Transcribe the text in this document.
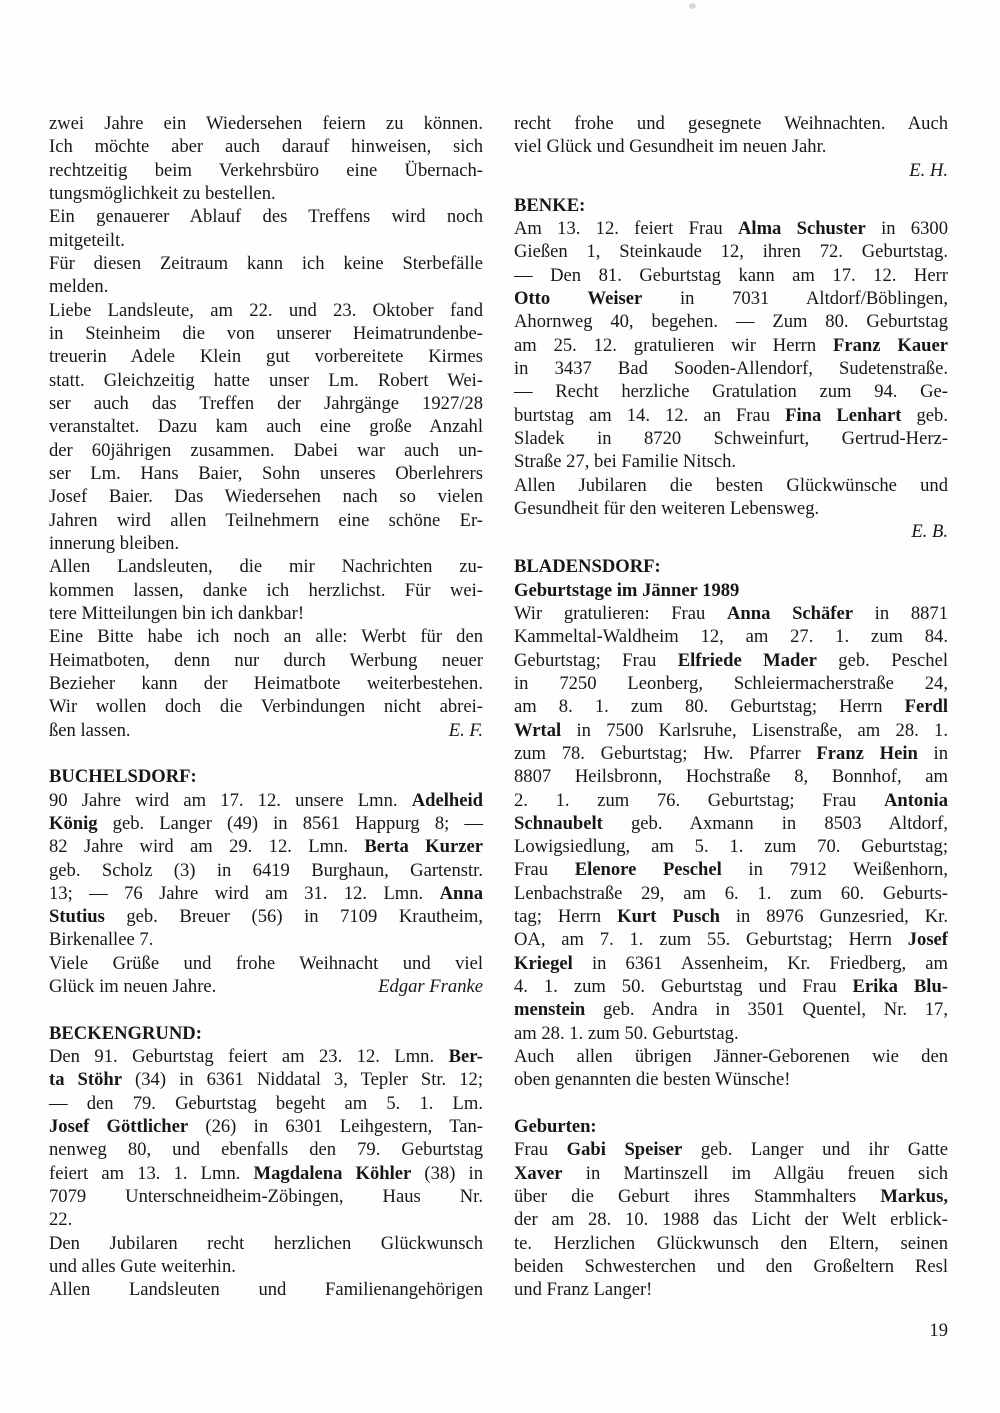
zwei Jahre ein Wiedersehen feiern zu können.
Ich möchte aber auch darauf hinweisen, sich
rechtzeitig beim Verkehrsbüro eine Übernach-
tungsmöglichkeit zu bestellen.
Ein genauerer Ablauf des Treffens wird noch
mitgeteilt.
Für diesen Zeitraum kann ich keine Sterbefälle
melden.
Liebe Landsleute, am 22. und 23. Oktober fand
in Steinheim die von unserer Heimatrundenbe-
treuerin Adele Klein gut vorbereitete Kirmes
statt. Gleichzeitig hatte unser Lm. Robert Wei-
ser auch das Treffen der Jahrgänge 1927/28
veranstaltet. Dazu kam auch eine große Anzahl
der 60jährigen zusammen. Dabei war auch un-
ser Lm. Hans Baier, Sohn unseres Oberlehrers
Josef Baier. Das Wiedersehen nach so vielen
Jahren wird allen Teilnehmern eine schöne Er-
innerung bleiben.
Allen Landsleuten, die mir Nachrichten zu-
kommen lassen, danke ich herzlichst. Für wei-
tere Mitteilungen bin ich dankbar!
Eine Bitte habe ich noch an alle: Werbt für den
Heimatboten, denn nur durch Werbung neuer
Bezieher kann der Heimatbote weiterbestehen.
Wir wollen doch die Verbindungen nicht abrei-
ßen lassen.	E. F.
BUCHELSDORF:
90 Jahre wird am 17. 12. unsere Lmn. Adelheid
König geb. Langer (49) in 8561 Happurg 8; —
82 Jahre wird am 29. 12. Lmn. Berta Kurzer
geb. Scholz (3) in 6419 Burghaun, Gartenstr.
13; — 76 Jahre wird am 31. 12. Lmn. Anna
Stutius geb. Breuer (56) in 7109 Krautheim,
Birkenallee 7.
Viele Grüße und frohe Weihnacht und viel
Glück im neuen Jahre.	Edgar Franke
BECKENGRUND:
Den 91. Geburtstag feiert am 23. 12. Lmn. Ber-
ta Stöhr (34) in 6361 Niddatal 3, Tepler Str. 12;
— den 79. Geburtstag begeht am 5. 1. Lm.
Josef Göttlicher (26) in 6301 Leihgestern, Tan-
nenweg 80, und ebenfalls den 79. Geburtstag
feiert am 13. 1. Lmn. Magdalena Köhler (38) in
7079 Unterschneidheim-Zöbingen, Haus Nr.
22.
Den Jubilaren recht herzlichen Glückwunsch
und alles Gute weiterhin.
Allen Landsleuten und Familienangehörigen
recht frohe und gesegnete Weihnachten. Auch
viel Glück und Gesundheit im neuen Jahr.
E. H.
BENKE:
Am 13. 12. feiert Frau Alma Schuster in 6300
Gießen 1, Steinkaude 12, ihren 72. Geburtstag.
— Den 81. Geburtstag kann am 17. 12. Herr
Otto Weiser in 7031 Altdorf/Böblingen,
Ahornweg 40, begehen. — Zum 80. Geburtstag
am 25. 12. gratulieren wir Herrn Franz Kauer
in 3437 Bad Sooden-Allendorf, Sudetenstraße.
— Recht herzliche Gratulation zum 94. Ge-
burtstag am 14. 12. an Frau Fina Lenhart geb.
Sladek in 8720 Schweinfurt, Gertrud-Herz-
Straße 27, bei Familie Nitsch.
Allen Jubilaren die besten Glückwünsche und
Gesundheit für den weiteren Lebensweg.
E. B.
BLADENSDORF:
Geburtstage im Jänner 1989
Wir gratulieren: Frau Anna Schäfer in 8871
Kammeltal-Waldheim 12, am 27. 1. zum 84.
Geburtstag; Frau Elfriede Mader geb. Peschel
in 7250 Leonberg, Schleiermacherstraße 24,
am 8. 1. zum 80. Geburtstag; Herrn Ferdl
Wrtal in 7500 Karlsruhe, Lisenstraße, am 28. 1.
zum 78. Geburtstag; Hw. Pfarrer Franz Hein in
8807 Heilsbronn, Hochstraße 8, Bonnhof, am
2. 1. zum 76. Geburtstag; Frau Antonia
Schnaubelt geb. Axmann in 8503 Altdorf,
Lowigsiedlung, am 5. 1. zum 70. Geburtstag;
Frau Elenore Peschel in 7912 Weißenhorn,
Lenbachstraße 29, am 6. 1. zum 60. Geburts-
tag; Herrn Kurt Pusch in 8976 Gunzesried, Kr.
OA, am 7. 1. zum 55. Geburtstag; Herrn Josef
Kriegel in 6361 Assenheim, Kr. Friedberg, am
4. 1. zum 50. Geburtstag und Frau Erika Blu-
menstein geb. Andra in 3501 Quentel, Nr. 17,
am 28. 1. zum 50. Geburtstag.
Auch allen übrigen Jänner-Geborenen wie den
oben genannten die besten Wünsche!
Geburten:
Frau Gabi Speiser geb. Langer und ihr Gatte
Xaver in Martinszell im Allgäu freuen sich
über die Geburt ihres Stammhalters Markus,
der am 28. 10. 1988 das Licht der Welt erblick-
te. Herzlichen Glückwunsch den Eltern, seinen
beiden Schwesterchen und den Großeltern Resl
und Franz Langer!
19
